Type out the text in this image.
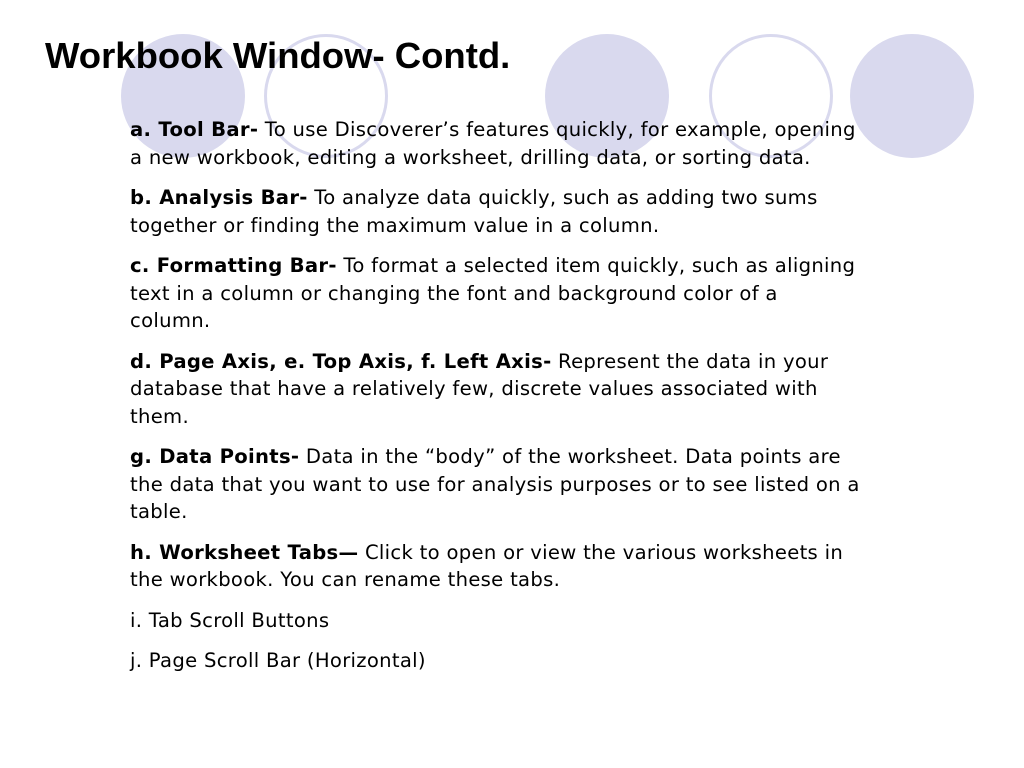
Workbook Window- Contd.

a. Tool Bar- To use Discoverer’s features quickly, for example, opening a new workbook, editing a worksheet, drilling data, or sorting data.

b. Analysis Bar- To analyze data quickly, such as adding two sums together or finding the maximum value in a column.

c. Formatting Bar- To format a selected item quickly, such as aligning text in a column or changing the font and background color of a column.

d. Page Axis, e. Top Axis, f. Left Axis- Represent the data in your database that have a relatively few, discrete values associated with them.

g. Data Points- Data in the “body” of the worksheet. Data points are the data that you want to use for analysis purposes or to see listed on a table.

h. Worksheet Tabs— Click to open or view the various worksheets in the workbook. You can rename these tabs.

i. Tab Scroll Buttons

j. Page Scroll Bar (Horizontal)
